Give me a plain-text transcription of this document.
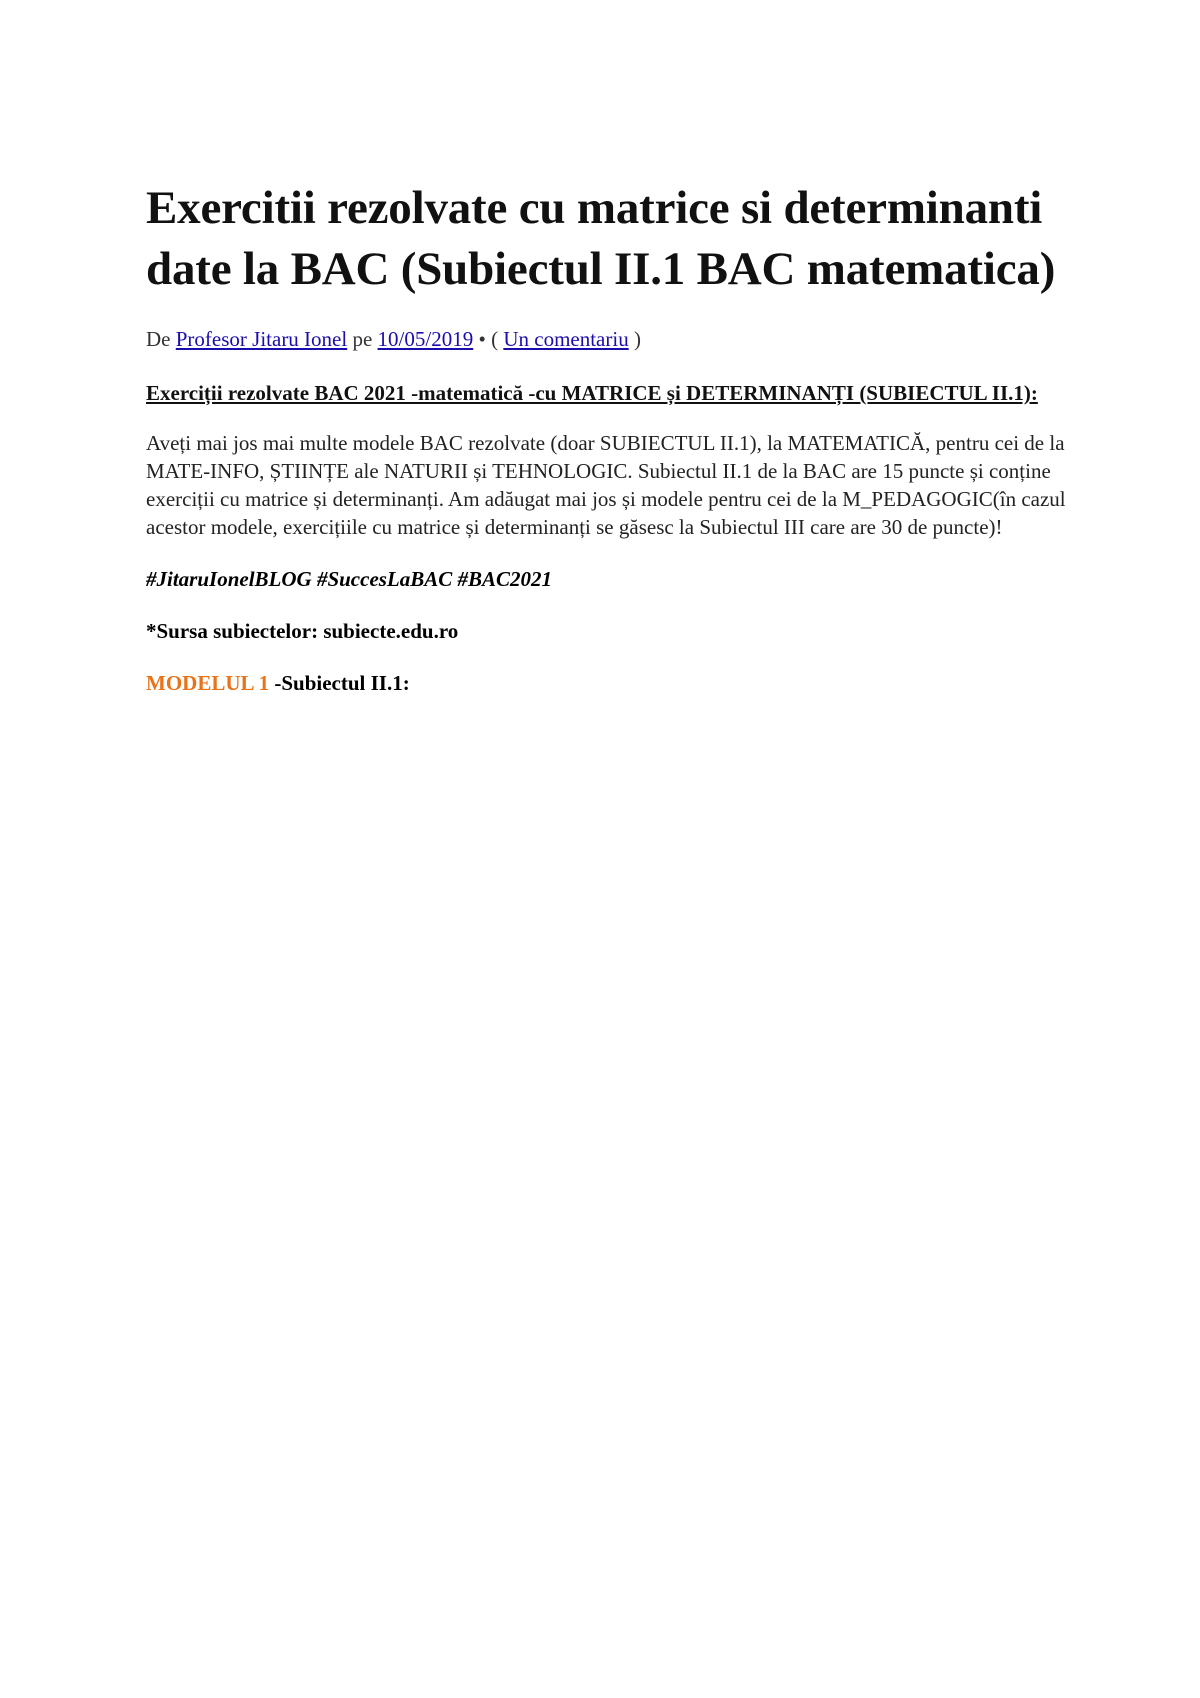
Exercitii rezolvate cu matrice si determinanti date la BAC (Subiectul II.1 BAC matematica)

De Profesor Jitaru Ionel pe 10/05/2019 • ( Un comentariu )

Exerciții rezolvate BAC 2021 -matematică -cu MATRICE și DETERMINANȚI (SUBIECTUL II.1):

Aveți mai jos mai multe modele BAC rezolvate (doar SUBIECTUL II.1), la MATEMATICĂ, pentru cei de la MATE-INFO, ȘTIINȚE ale NATURII și TEHNOLOGIC. Subiectul II.1 de la BAC are 15 puncte și conține exerciții cu matrice și determinanți. Am adăugat mai jos și modele pentru cei de la M_PEDAGOGIC(în cazul acestor modele, exercițiile cu matrice și determinanți se găsesc la Subiectul III care are 30 de puncte)!

#JitaruIonelBLOG #SuccesLaBAC #BAC2021

*Sursa subiectelor: subiecte.edu.ro

MODELUL 1 -Subiectul II.1:
